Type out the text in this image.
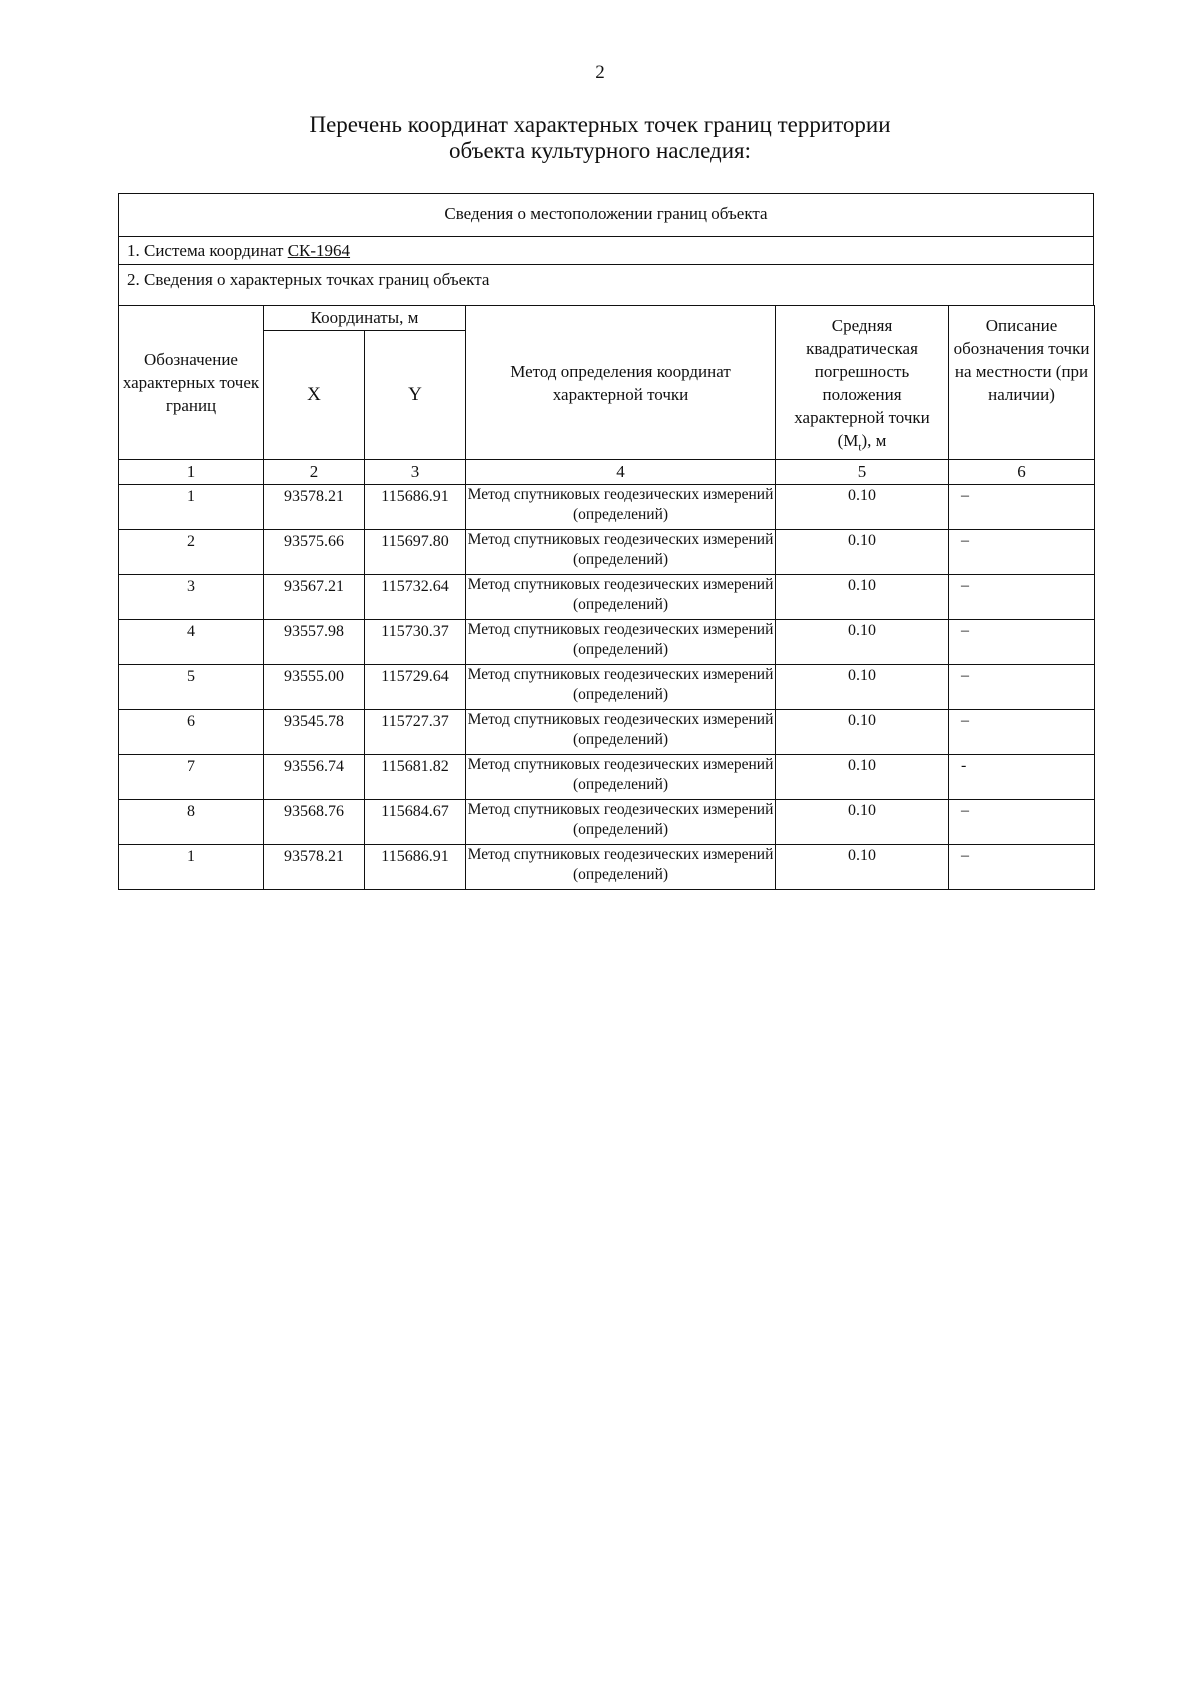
2
Перечень координат характерных точек границ территории
объекта культурного наследия:
Сведения о местоположении границ объекта
1. Система координат СК-1964
2. Сведения о характерных точках границ объекта
Обозначение характерных точек границ	Координаты, м		Метод определения координат характерной точки	Средняя квадратическая погрешность положения характерной точки $(M_t)$, м	Описание обозначения точки на местности (при наличии)
	X	Y			
1	2	3	4	5	6
1	93578.21	115686.91	Метод спутниковых геодезических измерений (определений)	0.10	–
2	93575.66	115697.80	Метод спутниковых геодезических измерений (определений)	0.10	–
3	93567.21	115732.64	Метод спутниковых геодезических измерений (определений)	0.10	–
4	93557.98	115730.37	Метод спутниковых геодезических измерений (определений)	0.10	–
5	93555.00	115729.64	Метод спутниковых геодезических измерений (определений)	0.10	–
6	93545.78	115727.37	Метод спутниковых геодезических измерений (определений)	0.10	–
7	93556.74	115681.82	Метод спутниковых геодезических измерений (определений)	0.10	-
8	93568.76	115684.67	Метод спутниковых геодезических измерений (определений)	0.10	–
1	93578.21	115686.91	Метод спутниковых геодезических измерений (определений)	0.10	–
